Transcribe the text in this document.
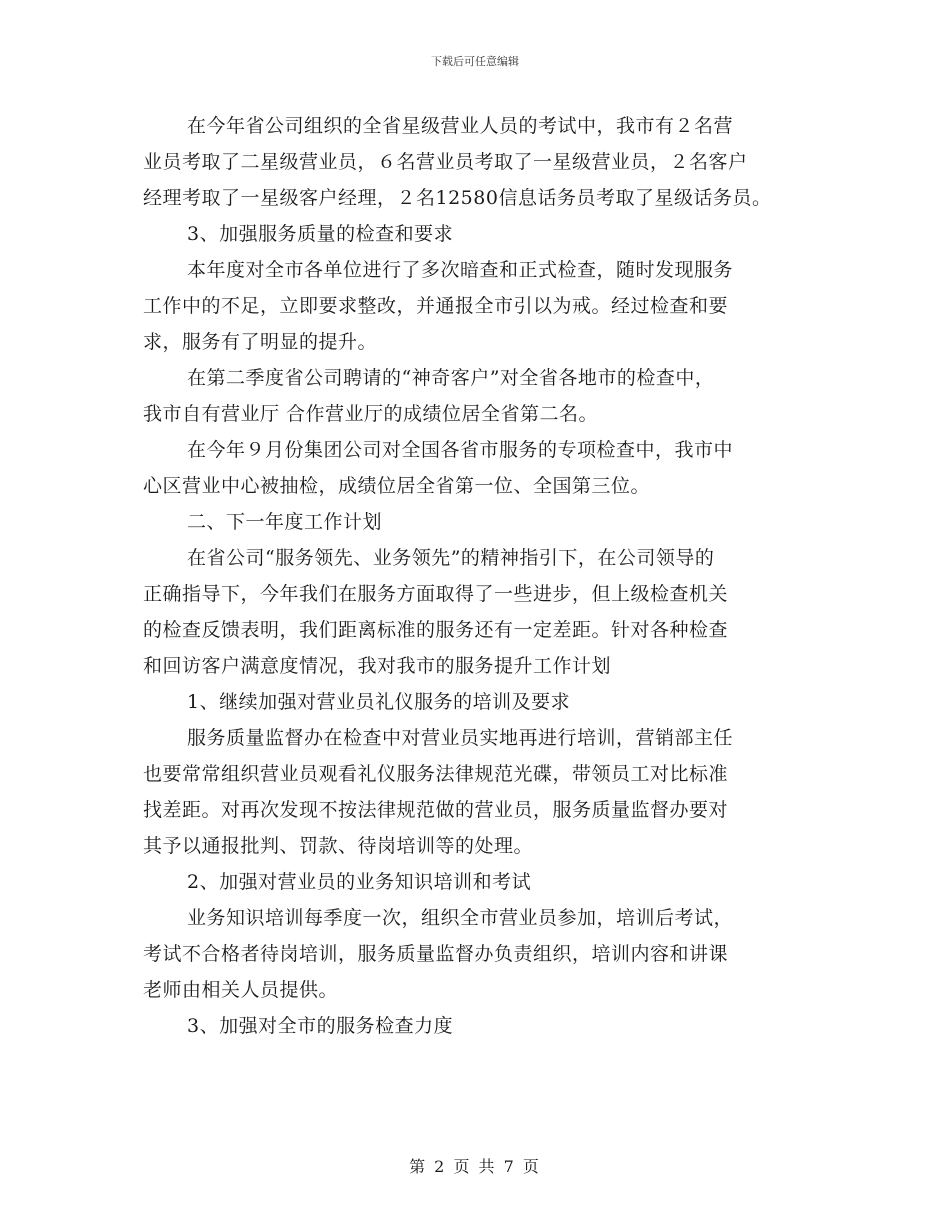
下载后可任意编辑

在今年省公司组织的全省星级营业人员的考试中，我市有２名营
业员考取了二星级营业员，６名营业员考取了一星级营业员，２名客户
经理考取了一星级客户经理，２名12580信息话务员考取了星级话务员。

3、加强服务质量的检查和要求

本年度对全市各单位进行了多次暗查和正式检查，随时发现服务
工作中的不足，立即要求整改，并通报全市引以为戒。经过检查和要
求，服务有了明显的提升。

在第二季度省公司聘请的“神奇客户”对全省各地市的检查中，
我市自有营业厅 合作营业厅的成绩位居全省第二名。

在今年９月份集团公司对全国各省市服务的专项检查中，我市中
心区营业中心被抽检，成绩位居全省第一位、全国第三位。

二、下一年度工作计划

在省公司“服务领先、业务领先”的精神指引下，在公司领导的
正确指导下，今年我们在服务方面取得了一些进步，但上级检查机关
的检查反馈表明，我们距离标准的服务还有一定差距。针对各种检查
和回访客户满意度情况，我对我市的服务提升工作计划

1、继续加强对营业员礼仪服务的培训及要求

服务质量监督办在检查中对营业员实地再进行培训，营销部主任
也要常常组织营业员观看礼仪服务法律规范光碟，带领员工对比标准
找差距。对再次发现不按法律规范做的营业员，服务质量监督办要对
其予以通报批判、罚款、待岗培训等的处理。

2、加强对营业员的业务知识培训和考试

业务知识培训每季度一次，组织全市营业员参加，培训后考试，
考试不合格者待岗培训，服务质量监督办负责组织，培训内容和讲课
老师由相关人员提供。

3、加强对全市的服务检查力度

第 2 页 共 7 页
